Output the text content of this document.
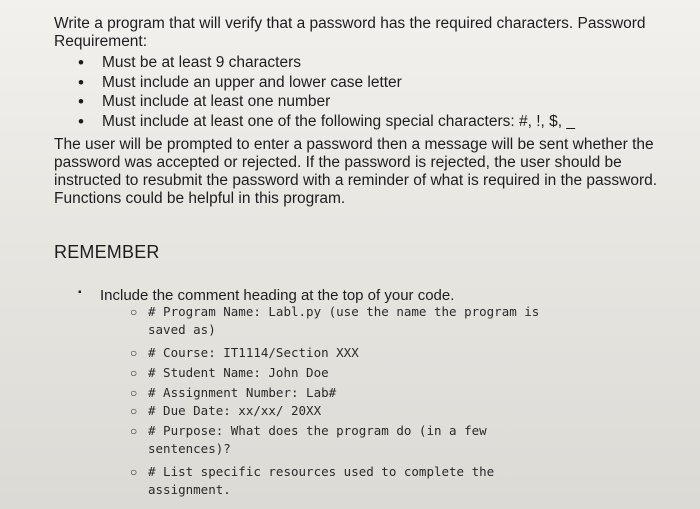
Write a program that will verify that a password has the required characters. Password
Requirement:
• Must be at least 9 characters
• Must include an upper and lower case letter
• Must include at least one number
• Must include at least one of the following special characters: #, !, $, _
The user will be prompted to enter a password then a message will be sent whether the
password was accepted or rejected. If the password is rejected, the user should be
instructed to resubmit the password with a reminder of what is required in the password.
Functions could be helpful in this program.
REMEMBER
▪ Include the comment heading at the top of your code.
○ # Program Name: Labl.py (use the name the program is
saved as)
○ # Course: IT1114/Section XXX
○ # Student Name: John Doe
○ # Assignment Number: Lab#
○ # Due Date: xx/xx/ 20XX
○ # Purpose: What does the program do (in a few
sentences)?
○ # List specific resources used to complete the
assignment.
